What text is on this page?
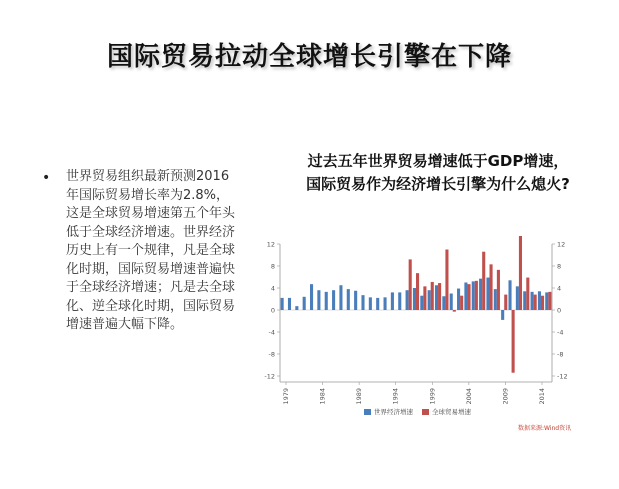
国际贸易拉动全球增长引擎在下降
• 世界贸易组织最新预测2016年国际贸易增长率为2.8%，这是全球贸易增速第五个年头低于全球经济增速。世界经济历史上有一个规律，凡是全球化时期，国际贸易增速普遍快于全球经济增速；凡是去全球化、逆全球化时期，国际贸易增速普遍大幅下降。
过去五年世界贸易增速低于GDP增速，
国际贸易作为经济增长引擎为什么熄火?
12	12
8	8
4	4
0	0
-4	-4
-8	-8
-12	-12
1979	1984	1989	1994	1999	2004	2009	2014
世界经济增速	全球贸易增速
数据来源:Wind资讯
